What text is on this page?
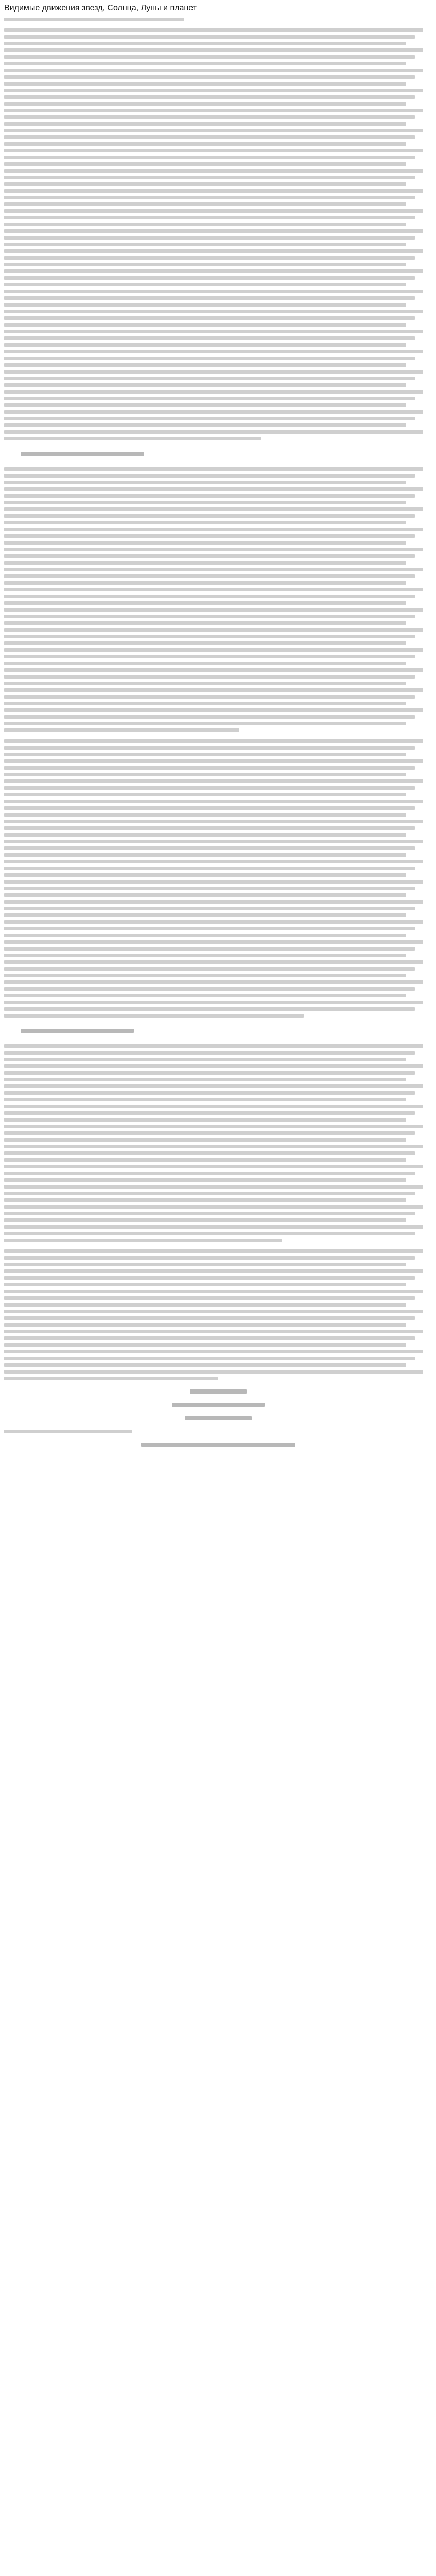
Видимые движения звезд, Солнца, Луны и планет
